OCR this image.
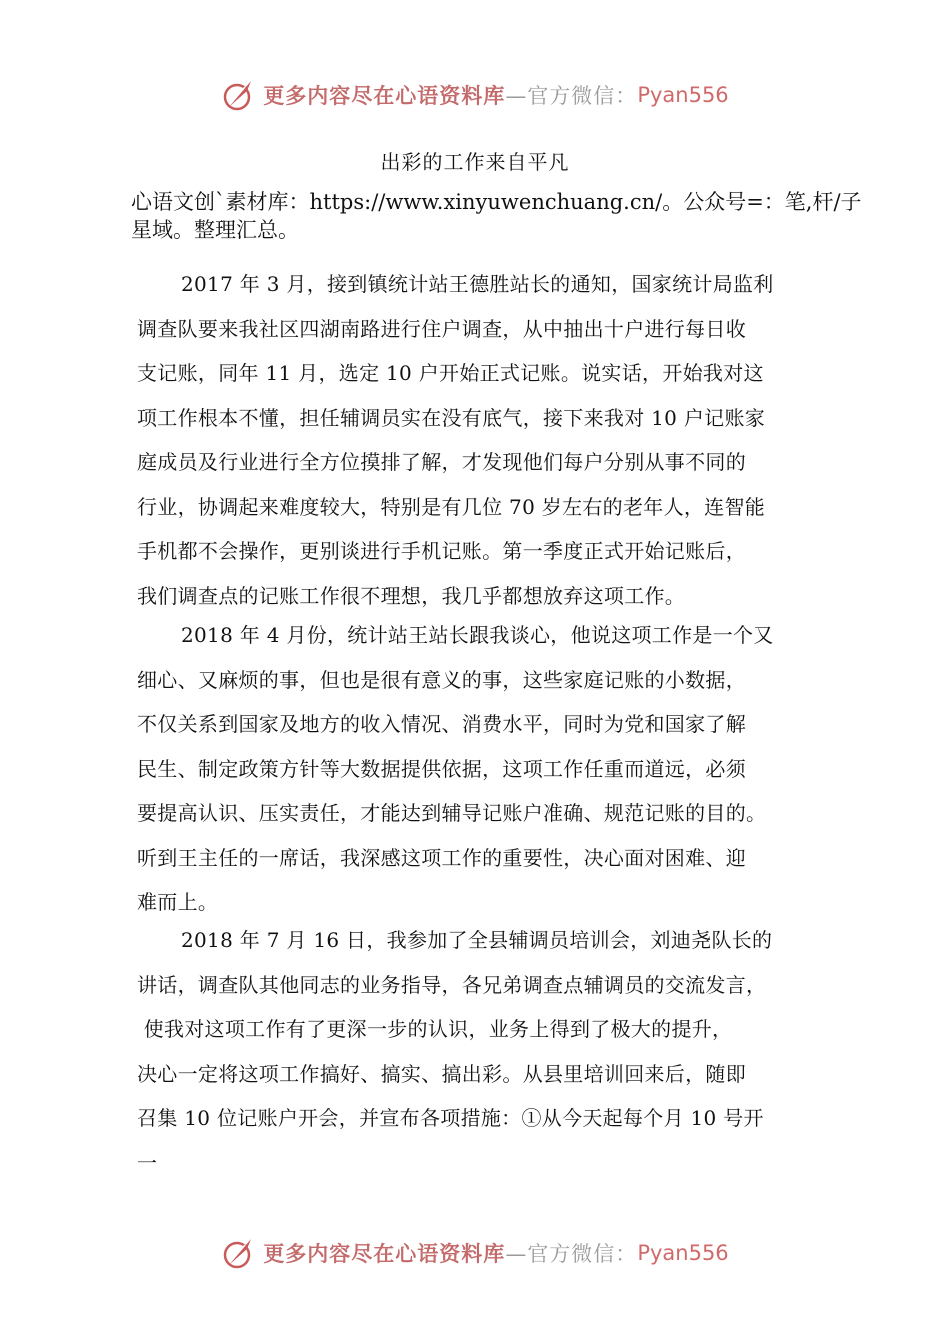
更多内容尽在心语资料库 —官方微信： Pyan556
出彩的工作来自平凡
心语文创`素材库：https://www.xinyuwenchuang.cn/。公众号=：笔,杆/子
星域。整理汇总。

2017 年 3 月，接到镇统计站王德胜站长的通知，国家统计局监利

调查队要来我社区四湖南路进行住户调查，从中抽出十户进行每日收

支记账，同年 11 月，选定 10 户开始正式记账。说实话，开始我对这

项工作根本不懂，担任辅调员实在没有底气，接下来我对 10 户记账家

庭成员及行业进行全方位摸排了解，才发现他们每户分别从事不同的

行业，协调起来难度较大，特别是有几位 70 岁左右的老年人，连智能

手机都不会操作，更别谈进行手机记账。第一季度正式开始记账后，

我们调查点的记账工作很不理想，我几乎都想放弃这项工作。

2018 年 4 月份，统计站王站长跟我谈心，他说这项工作是一个又

细心、又麻烦的事，但也是很有意义的事，这些家庭记账的小数据，

不仅关系到国家及地方的收入情况、消费水平，同时为党和国家了解

民生、制定政策方针等大数据提供依据，这项工作任重而道远，必须

要提高认识、压实责任，才能达到辅导记账户准确、规范记账的目的。

听到王主任的一席话，我深感这项工作的重要性，决心面对困难、迎

难而上。

2018 年 7 月 16 日，我参加了全县辅调员培训会，刘迪尧队长的

讲话，调查队其他同志的业务指导，各兄弟调查点辅调员的交流发言，

使我对这项工作有了更深一步的认识，业务上得到了极大的提升，

决心一定将这项工作搞好、搞实、搞出彩。从县里培训回来后，随即

召集 10 位记账户开会，并宣布各项措施：①从今天起每个月 10 号开

一

更多内容尽在心语资料库 —官方微信： Pyan556
